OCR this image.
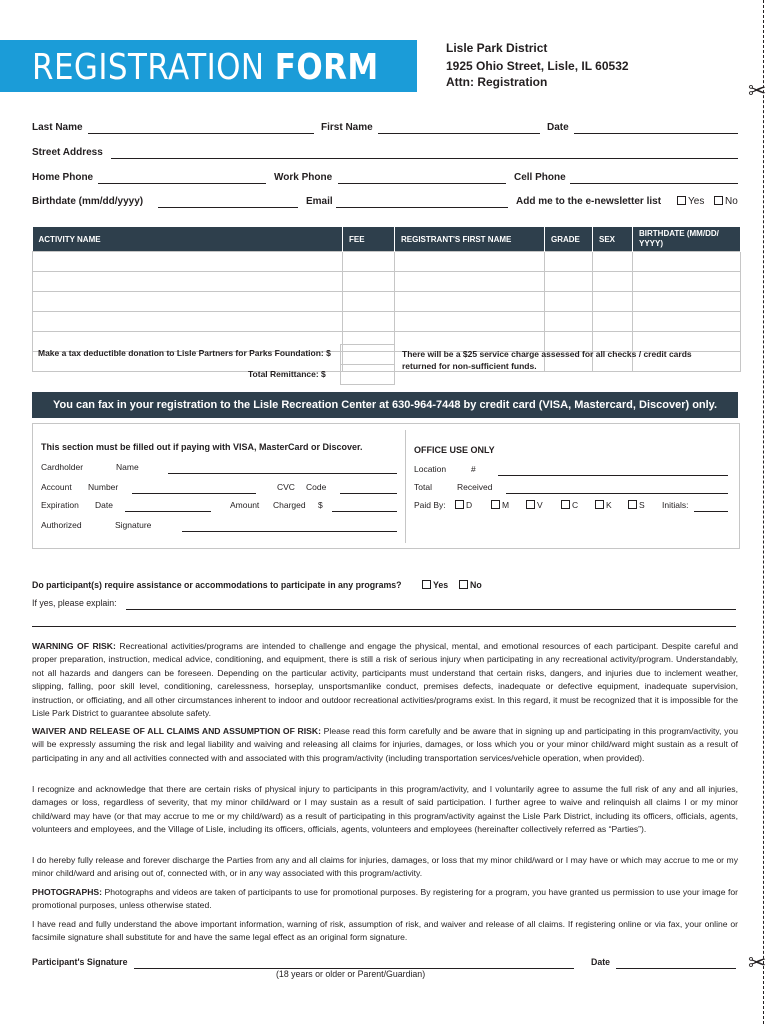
REGISTRATION FORM	Lisle Park District
1925 Ohio Street, Lisle, IL 60532
Attn: Registration	✂
✂
Last Name	First Name	Date
Street Address
Home Phone	Work Phone	Cell Phone
Birthdate (mm/dd/yyyy)	Email	Add me to the e-newsletter list	Yes	No
ACTIVITY NAME	FEE	REGISTRANT'S FIRST NAME	GRADE	SEX	BIRTHDATE (MM/DD/ YYYY)

Make a tax deductible donation to Lisle Partners for Parks Foundation: $
Total Remittance: $
There will be a $25 service charge assessed for all checks / credit cards returned for non-sufficient funds.
You can fax in your registration to the Lisle Recreation Center at 630-964-7448 by credit card (VISA, Mastercard, Discover) only.
This section must be filled out if paying with VISA, MasterCard or Discover.
Cardholder	Name
Account Number	CVC Code
Expiration Date	Amount Charged $
Authorized	Signature
OFFICE USE ONLY
Location	#
Total	Received
Paid By:	D	M	V	C	K	S Initials:
Do participant(s) require assistance or accommodations to participate in any programs?	Yes	No
If yes, please explain:
WARNING OF RISK: Recreational activities/programs are intended to challenge and engage the physical, mental, and emotional resources of each participant. Despite careful and proper preparation, instruction, medical advice, conditioning, and equipment, there is still a risk of serious injury when participating in any recreational activity/program. Understandably, not all hazards and dangers can be foreseen. Depending on the particular activity, participants must understand that certain risks, dangers, and injuries due to inclement weather, slipping, falling, poor skill level, conditioning, carelessness, horseplay, unsportsmanlike conduct, premises defects, inadequate or defective equipment, inadequate supervision, instruction, or officiating, and all other circumstances inherent to indoor and outdoor recreational activities/programs exist. In this regard, it must be recognized that it is impossible for the Lisle Park District to guarantee absolute safety.
WAIVER AND RELEASE OF ALL CLAIMS AND ASSUMPTION OF RISK: Please read this form carefully and be aware that in signing up and participating in this program/activity, you will be expressly assuming the risk and legal liability and waiving and releasing all claims for injuries, damages, or loss which you or your minor child/ward might sustain as a result of participating in any and all activities connected with and associated with this program/activity (including transportation services/vehicle operation, when provided).
I recognize and acknowledge that there are certain risks of physical injury to participants in this program/activity, and I voluntarily agree to assume the full risk of any and all injuries, damages or loss, regardless of severity, that my minor child/ward or I may sustain as a result of said participation. I further agree to waive and relinquish all claims I or my minor child/ward may have (or that may accrue to me or my child/ward) as a result of participating in this program/activity against the Lisle Park District, including its officers, officials, agents, volunteers and employees, and the Village of Lisle, including its officers, officials, agents, volunteers and employees (hereinafter collectively referred as “Parties”).
I do hereby fully release and forever discharge the Parties from any and all claims for injuries, damages, or loss that my minor child/ward or I may have or which may accrue to me or my minor child/ward and arising out of, connected with, or in any way associated with this program/activity.
PHOTOGRAPHS: Photographs and videos are taken of participants to use for promotional purposes. By registering for a program, you have granted us permission to use your image for promotional purposes, unless otherwise stated.
I have read and fully understand the above important information, warning of risk, assumption of risk, and waiver and release of all claims. If registering online or via fax, your online or facsimile signature shall substitute for and have the same legal effect as an original form signature.
Participant's Signature	Date
(18 years or older or Parent/Guardian)
